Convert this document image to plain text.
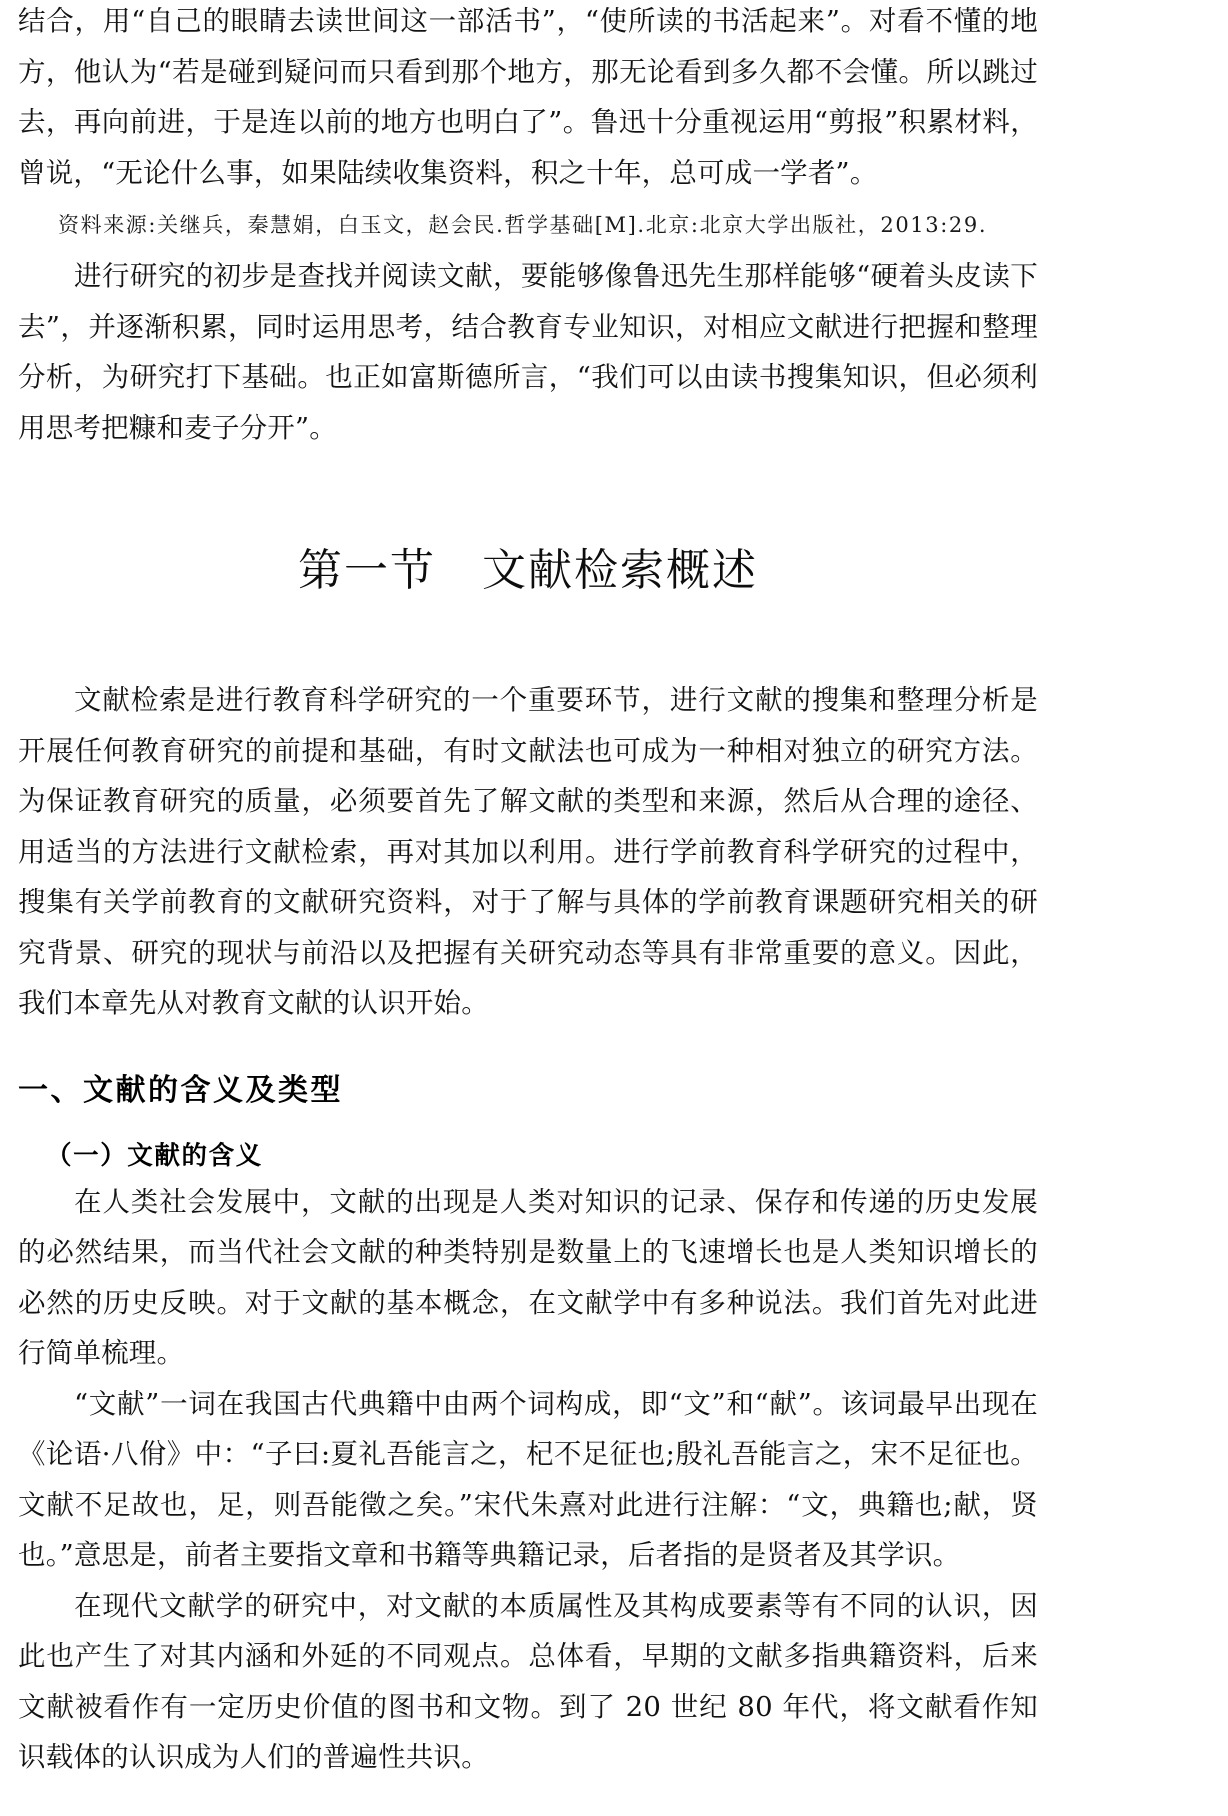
结合，用“自己的眼睛去读世间这一部活书”，“使所读的书活起来”。对看不懂的地方，他认为“若是碰到疑问而只看到那个地方，那无论看到多久都不会懂。所以跳过去，再向前进，于是连以前的地方也明白了”。鲁迅十分重视运用“剪报”积累材料，曾说，“无论什么事，如果陆续收集资料，积之十年，总可成一学者”。

资料来源:关继兵，秦慧娟，白玉文，赵会民.哲学基础[M].北京:北京大学出版社，2013:29.

进行研究的初步是查找并阅读文献，要能够像鲁迅先生那样能够“硬着头皮读下去”，并逐渐积累，同时运用思考，结合教育专业知识，对相应文献进行把握和整理分析，为研究打下基础。也正如富斯德所言，“我们可以由读书搜集知识，但必须利用思考把糠和麦子分开”。

第一节 文献检索概述

文献检索是进行教育科学研究的一个重要环节，进行文献的搜集和整理分析是开展任何教育研究的前提和基础，有时文献法也可成为一种相对独立的研究方法。为保证教育研究的质量，必须要首先了解文献的类型和来源，然后从合理的途径、用适当的方法进行文献检索，再对其加以利用。进行学前教育科学研究的过程中，搜集有关学前教育的文献研究资料，对于了解与具体的学前教育课题研究相关的研究背景、研究的现状与前沿以及把握有关研究动态等具有非常重要的意义。因此，我们本章先从对教育文献的认识开始。

一、文献的含义及类型
（一）文献的含义

在人类社会发展中，文献的出现是人类对知识的记录、保存和传递的历史发展的必然结果，而当代社会文献的种类特别是数量上的飞速增长也是人类知识增长的必然的历史反映。对于文献的基本概念，在文献学中有多种说法。我们首先对此进行简单梳理。

“文献”一词在我国古代典籍中由两个词构成，即“文”和“献”。该词最早出现在《论语·八佾》中：“子曰:夏礼吾能言之，杞不足征也;殷礼吾能言之，宋不足征也。文献不足故也，足，则吾能徵之矣。”宋代朱熹对此进行注解：“文，典籍也;献，贤也。”意思是，前者主要指文章和书籍等典籍记录，后者指的是贤者及其学识。

在现代文献学的研究中，对文献的本质属性及其构成要素等有不同的认识，因此也产生了对其内涵和外延的不同观点。总体看，早期的文献多指典籍资料，后来文献被看作有一定历史价值的图书和文物。到了 20 世纪 80 年代，将文献看作知识载体的认识成为人们的普遍性共识。
